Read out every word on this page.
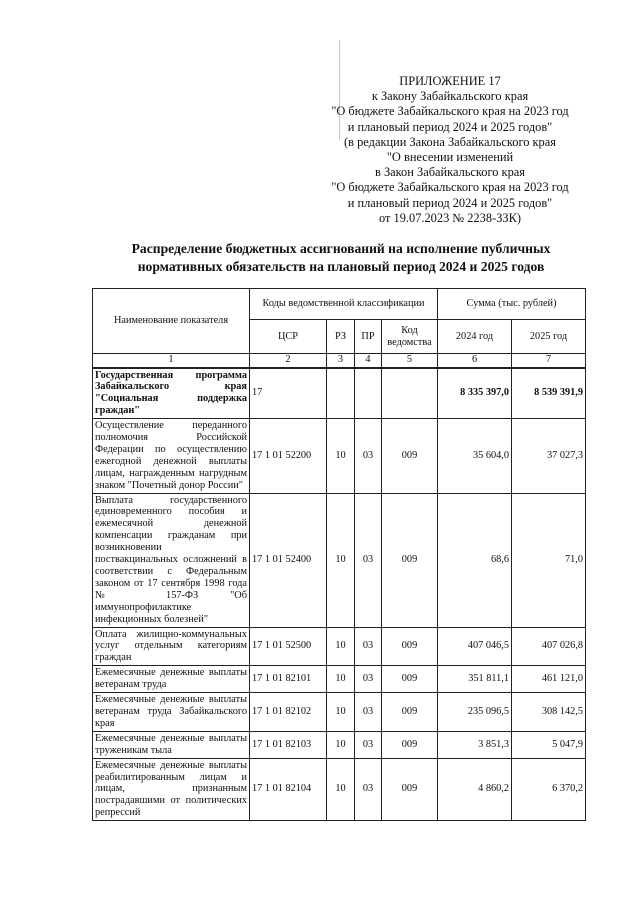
ПРИЛОЖЕНИЕ 17
к Закону Забайкальского края
"О бюджете Забайкальского края на 2023 год
и плановый период 2024 и 2025 годов"
(в редакции Закона Забайкальского края
"О внесении изменений
в Закон Забайкальского края
"О бюджете Забайкальского края на 2023 год
и плановый период 2024 и 2025 годов"
от 19.07.2023 № 2238-ЗЗК)
Распределение бюджетных ассигнований на исполнение публичных
нормативных обязательств на плановый период 2024 и 2025 годов
Наименование показателя	Коды ведомственной классификации				Сумма (тыс. рублей)	
	ЦСР	РЗ	ПР	Код ведомства	2024 год	2025 год
1	2	3	4	5	6	7
Государственная программа Забайкальского края "Социальная поддержка граждан"	17				8 335 397,0	8 539 391,9
Осуществление переданного полномочия Российской Федерации по осуществлению ежегодной денежной выплаты лицам, награжденным нагрудным знаком "Почетный донор России"	17 1 01 52200	10	03	009	35 604,0	37 027,3
Выплата государственного единовременного пособия и ежемесячной денежной компенсации гражданам при возникновении поствакцинальных осложнений в соответствии с Федеральным законом от 17 сентября 1998 года № 157-ФЗ "Об иммунопрофилактике инфекционных болезней"	17 1 01 52400	10	03	009	68,6	71,0
Оплата жилищно-коммунальных услуг отдельным категориям граждан	17 1 01 52500	10	03	009	407 046,5	407 026,8
Ежемесячные денежные выплаты ветеранам труда	17 1 01 82101	10	03	009	351 811,1	461 121,0
Ежемесячные денежные выплаты ветеранам труда Забайкальского края	17 1 01 82102	10	03	009	235 096,5	308 142,5
Ежемесячные денежные выплаты труженикам тыла	17 1 01 82103	10	03	009	3 851,3	5 047,9
Ежемесячные денежные выплаты реабилитированным лицам и лицам, признанным пострадавшими от политических репрессий	17 1 01 82104	10	03	009	4 860,2	6 370,2
